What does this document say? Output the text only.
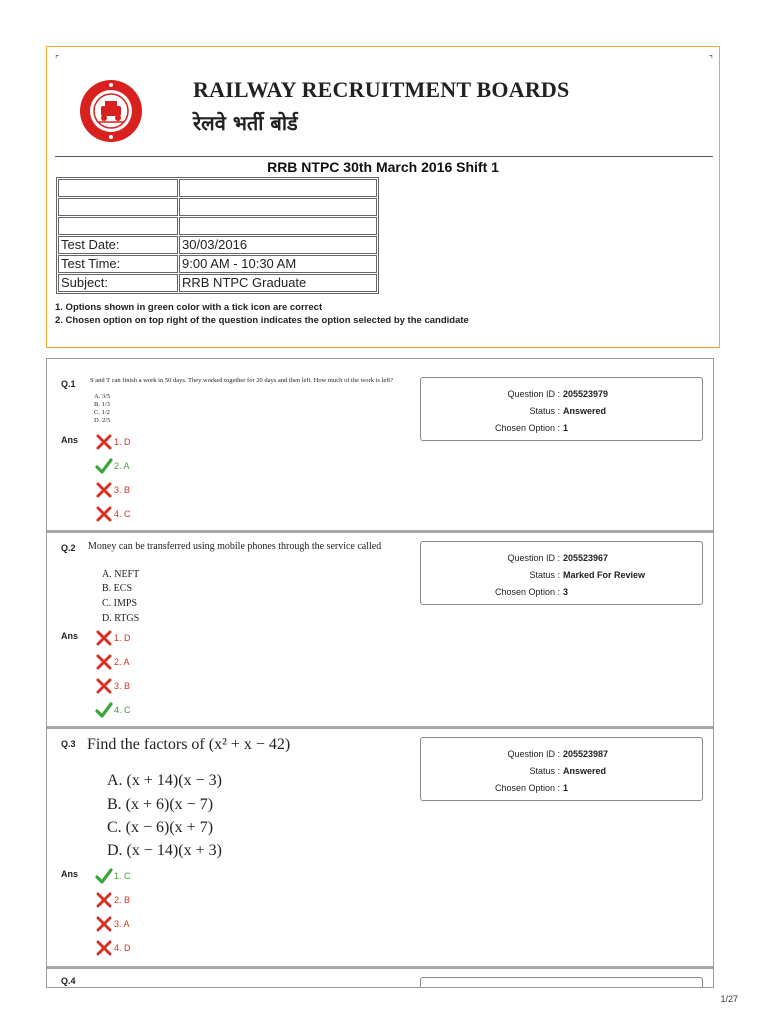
⌜	⌝
RAILWAY RECRUITMENT BOARDS
रेलवे भर्ती बोर्ड
RRB NTPC 30th March 2016 Shift 1

Test Date:	30/03/2016
Test Time:	9:00 AM - 10:30 AM
Subject:	RRB NTPC Graduate
1. Options shown in green color with a tick icon are correct
2. Chosen option on top right of the question indicates the option selected by the candidate
Q.1 S and T can finish a work in 50 days. They worked together for 20 days and then left. How much of the work is left?
A. 3/5
B. 1/3
C. 1/2
D. 2/5
Ans	1. D
2. A
3. B
4. C
Question ID : 205523979
Status : Answered
Chosen Option : 1
Q.2 Money can be transferred using mobile phones through the service called
A. NEFT
B. ECS
C. IMPS
D. RTGS
Ans	1. D
2. A
3. B
4. C
Question ID : 205523967
Status : Marked For Review
Chosen Option : 3
Q.3 Find the factors of (x² + x − 42)
A. (x + 14)(x − 3)
B. (x + 6)(x − 7)
C. (x − 6)(x + 7)
D. (x − 14)(x + 3)
Ans	1. C
2. B
3. A
4. D
Question ID : 205523987
Status : Answered
Chosen Option : 1
Q.4
1/27
